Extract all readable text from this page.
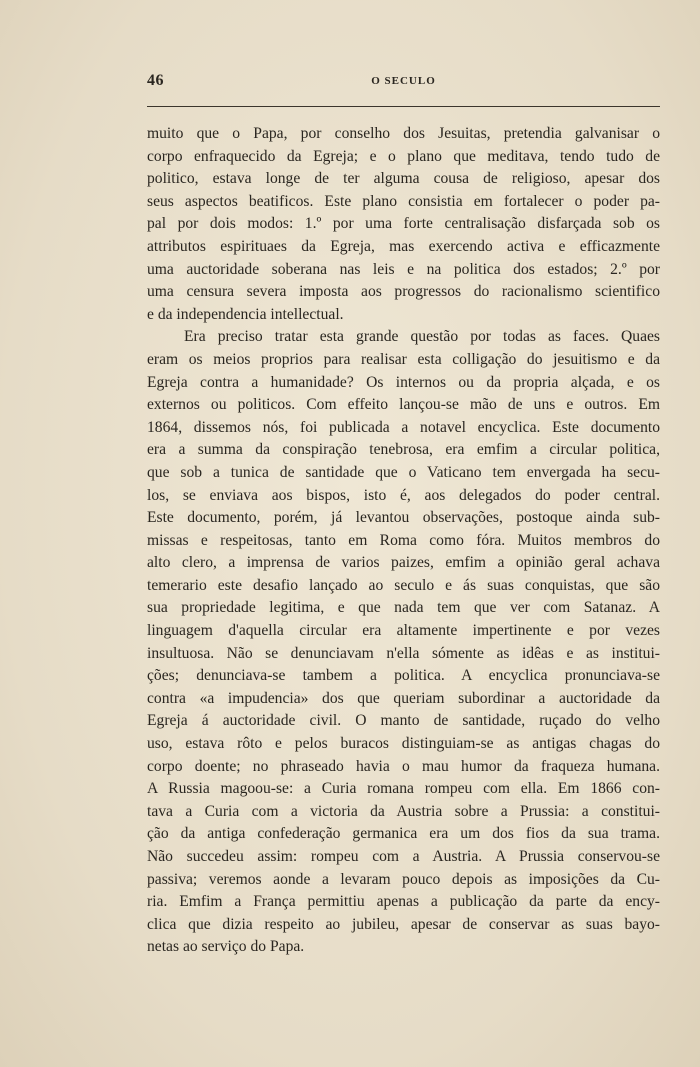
46	O SECULO
muito que o Papa, por conselho dos Jesuitas, pretendia galvanisar o
corpo enfraquecido da Egreja; e o plano que meditava, tendo tudo de
politico, estava longe de ter alguma cousa de religioso, apesar dos
seus aspectos beatificos. Este plano consistia em fortalecer o poder pa-
pal por dois modos: 1.º por uma forte centralisação disfarçada sob os
attributos espirituaes da Egreja, mas exercendo activa e efficazmente
uma auctoridade soberana nas leis e na politica dos estados; 2.º por
uma censura severa imposta aos progressos do racionalismo scientifico
e da independencia intellectual.
Era preciso tratar esta grande questão por todas as faces. Quaes
eram os meios proprios para realisar esta colligação do jesuitismo e da
Egreja contra a humanidade? Os internos ou da propria alçada, e os
externos ou politicos. Com effeito lançou-se mão de uns e outros. Em
1864, dissemos nós, foi publicada a notavel encyclica. Este documento
era a summa da conspiração tenebrosa, era emfim a circular politica,
que sob a tunica de santidade que o Vaticano tem envergada ha secu-
los, se enviava aos bispos, isto é, aos delegados do poder central.
Este documento, porém, já levantou observações, postoque ainda sub-
missas e respeitosas, tanto em Roma como fóra. Muitos membros do
alto clero, a imprensa de varios paizes, emfim a opinião geral achava
temerario este desafio lançado ao seculo e ás suas conquistas, que são
sua propriedade legitima, e que nada tem que ver com Satanaz. A
linguagem d'aquella circular era altamente impertinente e por vezes
insultuosa. Não se denunciavam n'ella sómente as idêas e as institui-
ções; denunciava-se tambem a politica. A encyclica pronunciava-se
contra «a impudencia» dos que queriam subordinar a auctoridade da
Egreja á auctoridade civil. O manto de santidade, ruçado do velho
uso, estava rôto e pelos buracos distinguiam-se as antigas chagas do
corpo doente; no phraseado havia o mau humor da fraqueza humana.
A Russia magoou-se: a Curia romana rompeu com ella. Em 1866 con-
tava a Curia com a victoria da Austria sobre a Prussia: a constitui-
ção da antiga confederação germanica era um dos fios da sua trama.
Não succedeu assim: rompeu com a Austria. A Prussia conservou-se
passiva; veremos aonde a levaram pouco depois as imposições da Cu-
ria. Emfim a França permittiu apenas a publicação da parte da ency-
clica que dizia respeito ao jubileu, apesar de conservar as suas bayo-
netas ao serviço do Papa.
